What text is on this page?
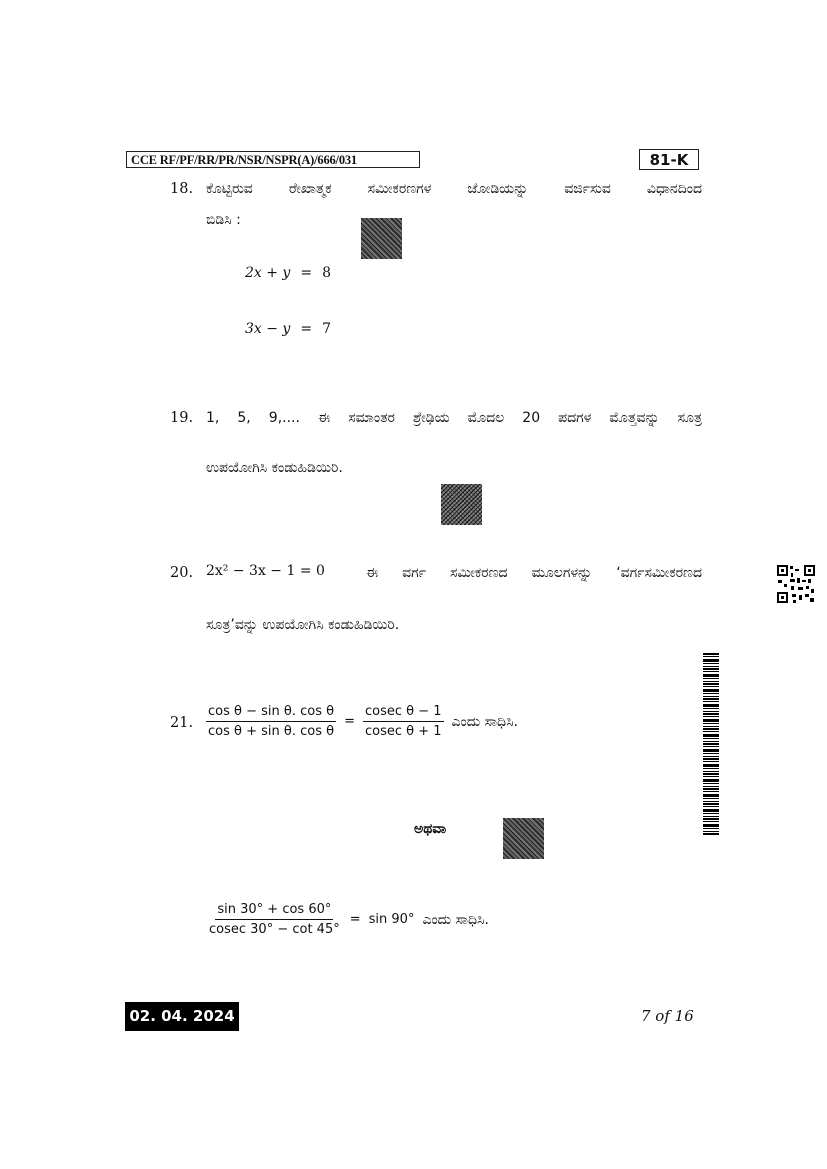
CCE RF/PF/RR/PR/NSR/NSPR(A)/666/031	81-K
18. ಕೊಟ್ಟಿರುವ ರೇಖಾತ್ಮಕ ಸಮೀಕರಣಗಳ ಜೋಡಿಯನ್ನು ವರ್ಜಿಸುವ ವಿಧಾನದಿಂದ
ಬಿಡಿಸಿ :
2x + y = 8
3x − y = 7
19. 1, 5, 9,.... ಈ ಸಮಾಂತರ ಶ್ರೇಢಿಯ ಮೊದಲ 20 ಪದಗಳ ಮೊತ್ತವನ್ನು ಸೂತ್ರ
ಉಪಯೋಗಿಸಿ ಕಂಡುಹಿಡಿಯಿರಿ.
20. 2x² − 3x − 1 = 0	ಈ ವರ್ಗ ಸಮೀಕರಣದ ಮೂಲಗಳನ್ನು ‘ವರ್ಗಸಮೀಕರಣದ
ಸೂತ್ರ’ವನ್ನು ಉಪಯೋಗಿಸಿ ಕಂಡುಹಿಡಿಯಿರಿ.
21. $\frac{\text{cos θ − sin θ. cos θ}}{\text{cos θ + sin θ. cos θ}} = \frac{\text{cosec θ − 1}}{\text{cosec θ + 1}}$ ಎಂದು ಸಾಧಿಸಿ.
ಅಥವಾ
$\frac{\sin 30^\circ + \cos 60^\circ}{cosec 30^\circ - \cot 45^\circ} = \sin 90^\circ$ ಎಂದು ಸಾಧಿಸಿ.
02. 04. 2024	7 of 16
